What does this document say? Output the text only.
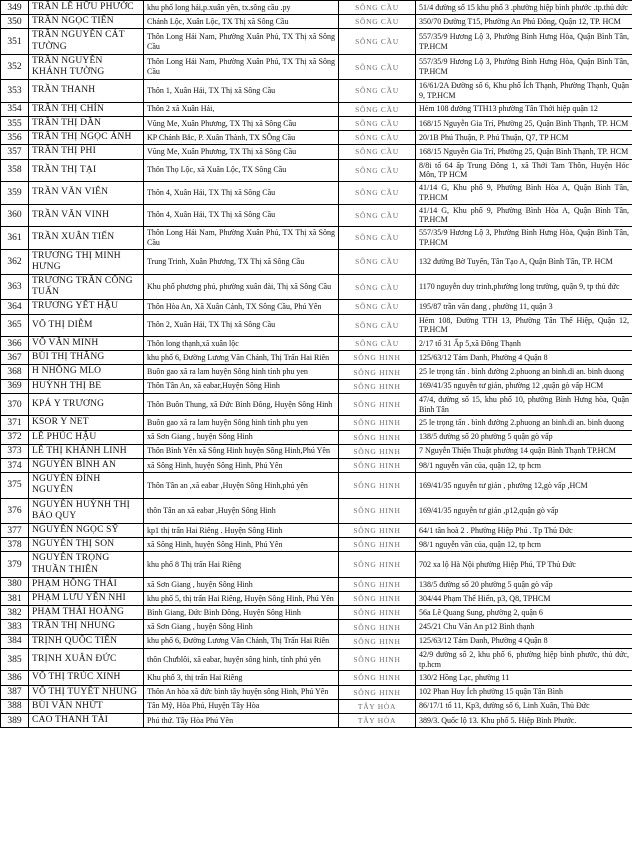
349	TRẦN LÊ HỮU PHƯỚC	khu phố long hải,p.xuân yên, tx.sông cầu .py	SÔNG CẦU	51/4 đường số 15 khu phố 3 .phường hiệp bình phước .tp.thủ đức
350	TRẦN NGỌC TIẾN	Chánh Lộc, Xuân Lộc, TX Thị xã Sông Cầu	SÔNG CẦU	350/70 Đường T15, Phường An Phú Đông, Quận 12, TP. HCM
351	TRẦN NGUYỄN CÁT TƯỜNG	Thôn Long Hải Nam, Phường Xuân Phú, TX Thị xã Sông Cầu	SÔNG CẦU	557/35/9 Hương Lộ 3, Phường Bình Hưng Hòa, Quận Bình Tân, TP.HCM
352	TRẦN NGUYỄN KHÁNH TƯỜNG	Thôn Long Hải Nam, Phường Xuân Phú, TX Thị xã Sông Cầu	SÔNG CẦU	557/35/9 Hương Lộ 3, Phường Bình Hưng Hòa, Quận Bình Tân, TP.HCM
353	TRẦN THANH	Thôn 1, Xuân Hải, TX Thị xã Sông Cầu	SÔNG CẦU	16/61/2A Đường số 6, Khu phố Ích Thạnh, Phường Thạnh, Quận 9, TP.HCM
354	TRẦN THỊ CHÍN	Thôn 2 xã Xuân Hải,	SÔNG CẦU	Hẻm 108 đường TTH13 phường Tân Thới hiệp quận 12
355	TRẦN THỊ DẦN	Vũng Me, Xuân Phương, TX Thị xã Sông Cầu	SÔNG CẦU	168/15 Nguyễn Gia Trí, Phường 25, Quận Bình Thạnh, TP. HCM
356	TRẦN THỊ NGỌC ÁNH	KP Chánh Bắc, P. Xuân Thành, TX SÔng Cầu	SÔNG CẦU	20/1B Phú Thuận, P. Phú Thuận, Q7, TP HCM
357	TRẦN THỊ PHI	Vũng Me, Xuân Phương, TX Thị xã Sông Cầu	SÔNG CẦU	168/15 Nguyễn Gia Trí, Phường 25, Quận Bình Thạnh, TP. HCM
358	TRẦN THỊ TẠI	Thôn Thọ Lộc, xã Xuân Lộc, TX Sông Cầu	SÔNG CẦU	8/8i tổ 64 ấp Trung Đông 1, xã Thới Tam Thôn, Huyện Hóc Môn, TP HCM
359	TRẦN VĂN VIÊN	Thôn 4, Xuân Hải, TX Thị xã Sông Cầu	SÔNG CẦU	41/14 G, Khu phố 9, Phường Bình Hòa A, Quận Bình Tân, TP.HCM
360	TRẦN VĂN VINH	Thôn 4, Xuân Hải, TX Thị xã Sông Cầu	SÔNG CẦU	41/14 G, Khu phố 9, Phường Bình Hòa A, Quận Bình Tân, TP.HCM
361	TRẦN XUÂN TIẾN	Thôn Long Hải Nam, Phường Xuân Phú, TX Thị xã Sông Cầu	SÔNG CẦU	557/35/9 Hương Lộ 3, Phường Bình Hưng Hòa, Quận Bình Tân, TP.HCM
362	TRƯƠNG THỊ MINH HƯNG	Trung Trinh, Xuân Phương, TX Thị xã Sông Cầu	SÔNG CẦU	132 đường Bờ Tuyến, Tân Tạo A, Quận Bình Tân, TP. HCM
363	TRƯƠNG TRẦN CÔNG TUẤN	Khu phố phương phú, phường xuân đài, Thị xã Sông Cầu	SÔNG CẦU	1170 nguyễn duy trinh,phường long trường, quận 9, tp thủ đức
364	TRƯƠNG YẾT HẬU	Thôn Hòa An, Xã Xuân Cảnh, TX Sông Cầu, Phú Yên	SÔNG CẦU	195/87 trần văn đang , phường 11, quận 3
365	VÕ THỊ DIỄM	Thôn 2, Xuân Hải, TX Thị xã Sông Cầu	SÔNG CẦU	Hẻm 108, Đường TTH 13, Phường Tân Thế Hiệp, Quận 12, TP.HCM
366	VÕ VĂN MINH	Thôn long thạnh,xã xuân lộc	SÔNG CẦU	2/17 tổ 31 Ấp 5,xã Đông Thạnh
367	BÙI THỊ THẮNG	khu phố 6, Đường Lương Văn Chánh, Thị Trấn Hai Riên	SÔNG HINH	125/63/12 Tám Danh, Phường 4 Quận 8
368	H NHÔNG MLO	Buôn gao xã ra lam huyện Sông hinh tỉnh phu yen	SÔNG HINH	25 le trọng tấn . bình đường 2.phuong an binh.di an. binh duong
369	HUỲNH THỊ BE	Thôn Tân An, xã eabar,Huyện Sông Hinh	SÔNG HINH	169/41/35 nguyễn tư giản, phường 12 ,quận gò vấp HCM
370	KPÁ Y TRƯƠNG	Thôn Buôn Thung, xã Đức Bình Đông, Huyện Sông Hinh	SÔNG HINH	47/4, đường số 15, khu phố 10, phường Bình Hưng hòa, Quận Bình Tân
371	KSOR Y NET	Buôn gao xã ra lam huyện Sông hinh tỉnh phu yen	SÔNG HINH	25 le trọng tấn . bình đường 2.phuong an binh.di an. binh duong
372	LÊ PHÚC HẬU	xã Sơn Giang , huyện Sông Hinh	SÔNG HINH	138/5 đường số 20 phường 5 quận gò vấp
373	LÊ THỊ KHÁNH LINH	Thôn Bình Yên xã Sông Hinh huyện Sông Hinh,Phú Yên	SÔNG HINH	7 Nguyễn Thiện Thuật phường 14 quận Bình Thạnh TP.HCM
374	NGUYỄN BÌNH AN	xã Sông Hinh, huyện Sông Hinh, Phú Yên	SÔNG HINH	98/1 nguyễn văn của, quận 12, tp hcm
375	NGUYỄN ĐÌNH NGUYÊN	Thôn Tân an ,xã eabar ,Huyện Sông Hinh,phú yên	SÔNG HINH	169/41/35 nguyễn tư giản , phường 12,gò vấp ,HCM
376	NGUYỄN HUỲNH THỊ BẢO QUY	thôn Tân an xã eabar ,Huyện Sông Hinh	SÔNG HINH	169/41/35 nguyễn tư giản ,p12,quận gò vấp
377	NGUYỄN NGỌC SỸ	kp1 thị trấn Hai Riêng . Huyện Sông Hinh	SÔNG HINH	64/1 tân hoà 2 . Phường Hiệp Phú . Tp Thủ Đức
378	NGUYỄN THỊ SON	xã Sông Hinh, huyện Sông Hinh, Phú Yên	SÔNG HINH	98/1 nguyễn văn của, quận 12, tp hcm
379	NGUYỄN TRỌNG THUẦN THIÊN	khu phố 8 Thị trấn Hai Riêng	SÔNG HINH	702 xa lộ Hà Nội phường Hiệp Phú, TP Thủ Đức
380	PHẠM HỒNG THÁI	xã Sơn Giang , huyện Sông Hinh	SÔNG HINH	138/5 đường số 20 phường 5 quận gò vấp
381	PHẠM LƯU YẾN NHI	khu phố 5, thị trấn Hai Riêng, Huyện Sông Hinh, Phú Yên	SÔNG HINH	304/44 Phạm Thế Hiển, p3, Q8, TPHCM
382	PHẠM THÁI HOÀNG	Bình Giang, Đức Bình Đông, Huyện Sông Hinh	SÔNG HINH	56a Lê Quang Sung, phường 2, quận 6
383	TRẦN THỊ NHUNG	xã Sơn Giang , huyện Sông Hinh	SÔNG HINH	245/21 Chu Văn An p12 Bình thạnh
384	TRỊNH QUỐC TIẾN	khu phố 6, Đường Lương Văn Chánh, Thị Trấn Hai Riên	SÔNG HINH	125/63/12 Tám Danh, Phường 4 Quận 8
385	TRỊNH XUÂN ĐỨC	thôn Chưblôi, xã eabar, huyện sông hinh, tỉnh phú yên	SÔNG HINH	42/9 đường số 2, khu phố 6, phường hiệp bình phước, thủ đức, tp.hcm
386	VÕ THỊ TRÚC XINH	Khu phố 3, thị trấn Hai Riêng	SÔNG HINH	130/2 Hồng Lạc, phường 11
387	VÕ THỊ TUYẾT NHUNG	Thôn An hòa xã đức bình tây huyện sông Hinh, Phú Yên	SÔNG HINH	102 Phan Huy Ích phường 15 quận Tân Bình
388	BÙI VĂN NHỨT	Tân Mỹ, Hòa Phú, Huyện Tây Hòa	TÂY HÒA	86/17/1 tổ 11, Kp3, đường số 6, Linh Xuân, Thủ Đức
389	CAO THANH TÀI	Phú thứ. Tây Hòa Phú Yên	TÂY HÒA	389/3. Quốc lộ 13. Khu phố 5. Hiệp Bình Phước.
